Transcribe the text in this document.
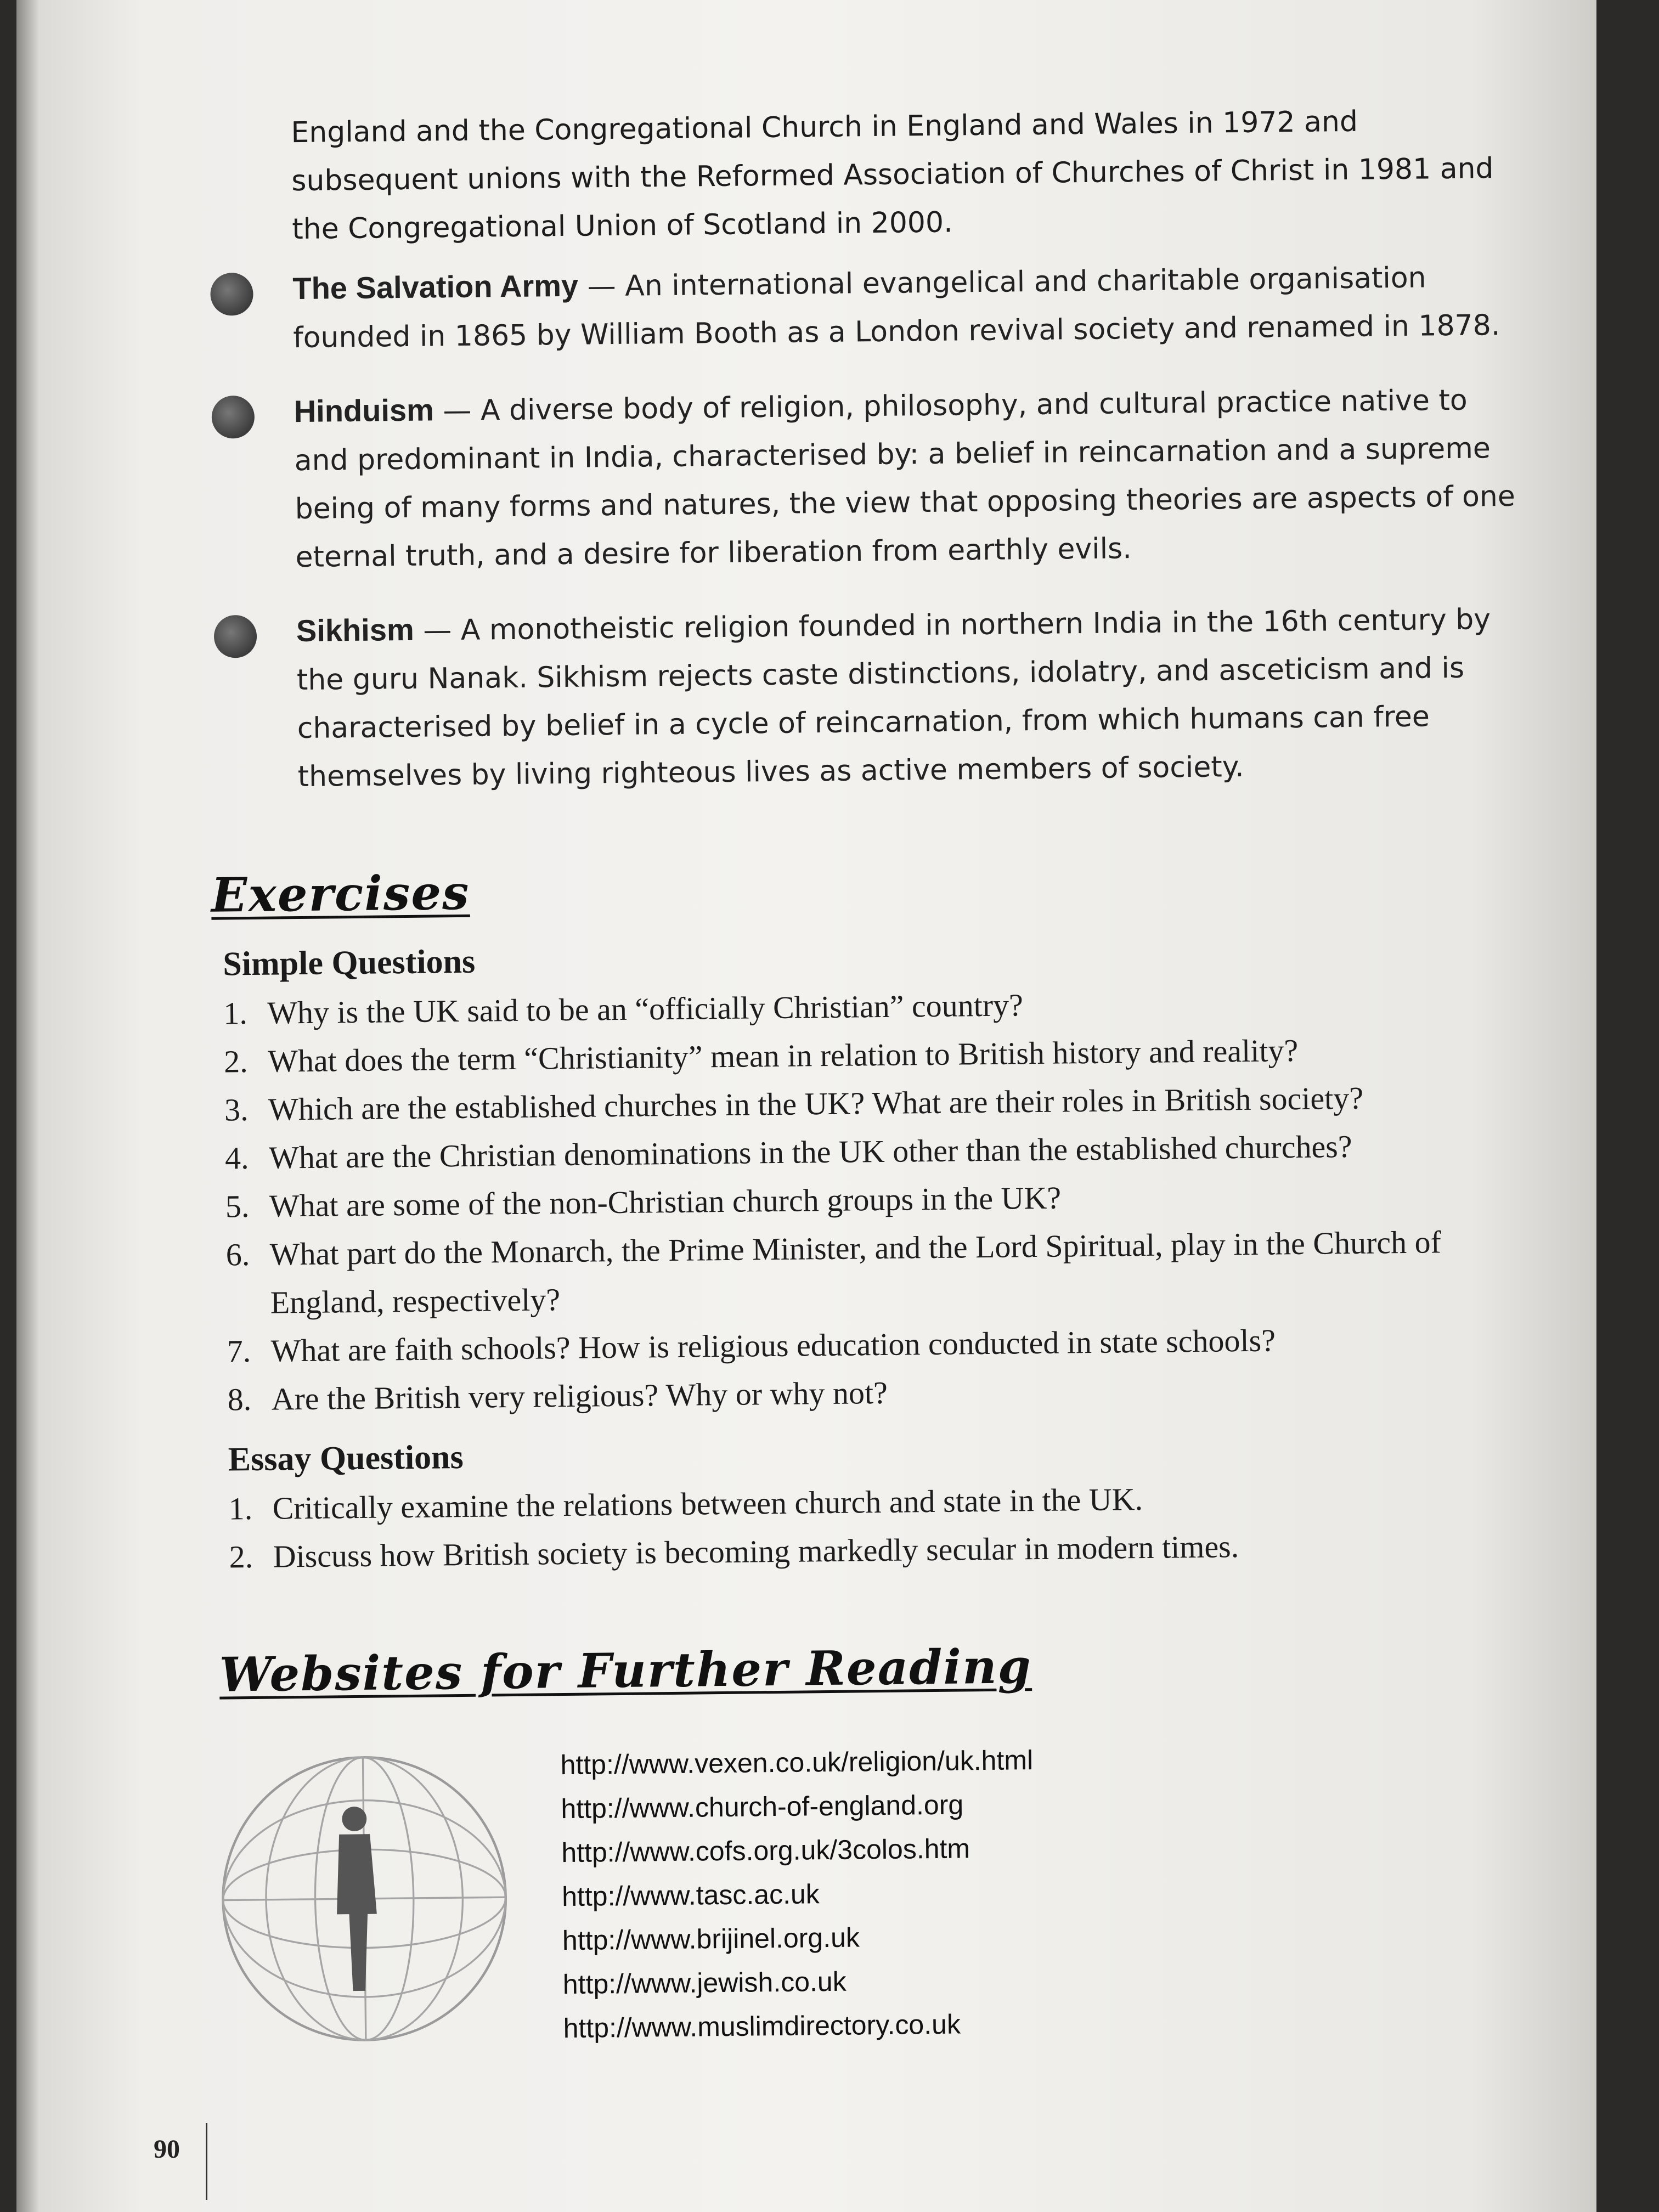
England and the Congregational Church in England and Wales in 1972 and subsequent unions with the Reformed Association of Churches of Christ in 1981 and the Congregational Union of Scotland in 2000.

The Salvation Army — An international evangelical and charitable organisation founded in 1865 by William Booth as a London revival society and renamed in 1878.

Hinduism — A diverse body of religion, philosophy, and cultural practice native to and predominant in India, characterised by: a belief in reincarnation and a supreme being of many forms and natures, the view that opposing theories are aspects of one eternal truth, and a desire for liberation from earthly evils.

Sikhism — A monotheistic religion founded in northern India in the 16th century by the guru Nanak. Sikhism rejects caste distinctions, idolatry, and asceticism and is characterised by belief in a cycle of reincarnation, from which humans can free themselves by living righteous lives as active members of society.

Exercises
Simple Questions
1. Why is the UK said to be an “officially Christian” country?
2. What does the term “Christianity” mean in relation to British history and reality?
3. Which are the established churches in the UK? What are their roles in British society?
4. What are the Christian denominations in the UK other than the established churches?
5. What are some of the non-Christian church groups in the UK?
6. What part do the Monarch, the Prime Minister, and the Lord Spiritual, play in the Church of England, respectively?
7. What are faith schools? How is religious education conducted in state schools?
8. Are the British very religious? Why or why not?
Essay Questions
1. Critically examine the relations between church and state in the UK.
2. Discuss how British society is becoming markedly secular in modern times.
Websites for Further Reading
http://www.vexen.co.uk/religion/uk.html
http://www.church-of-england.org
http://www.cofs.org.uk/3colos.htm
http://www.tasc.ac.uk
http://www.brijinel.org.uk
http://www.jewish.co.uk
http://www.muslimdirectory.co.uk
90
